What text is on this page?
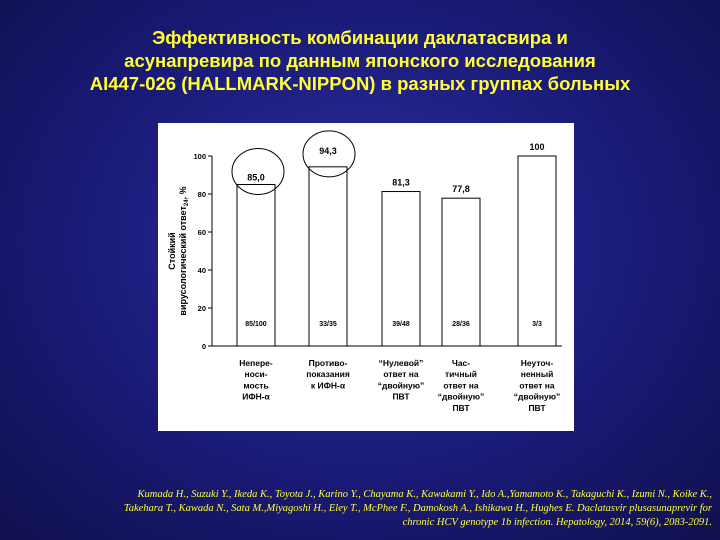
Эффективность комбинации даклатасвира и
асунапревира по данным японского исследования
AI447-026 (HALLMARK-NIPPON) в разных группах больных
0
20
40
60
80
100
Стойкийвирусологический ответ$_{24}$, %
85,0
85/100
Непере-носи-мость ИФН-α
94,3
33/35
Противо-показания к ИФН-α
81,3
39/48
“Нулевой” ответ на “двойную” ПВТ
77,8
28/36
Час-тичный ответ на “двойную” ПВТ
100
3/3
Неуточ-ненный ответ на “двойную” ПВТ
Kumada H., Suzuki Y., Ikeda K., Toyota J., Karino Y., Chayama K., Kawakami Y., Ido A.,Yamamoto K., Takaguchi K., Izumi N., Koike K.,
Takehara T., Kawada N., Sata M.,Miyagoshi H., Eley T., McPhee F., Damokosh A., Ishikawa H., Hughes E. Daclatasvir plusasunaprevir for
chronic HCV genotype 1b infection. Hepatology, 2014, 59(6), 2083-2091.
